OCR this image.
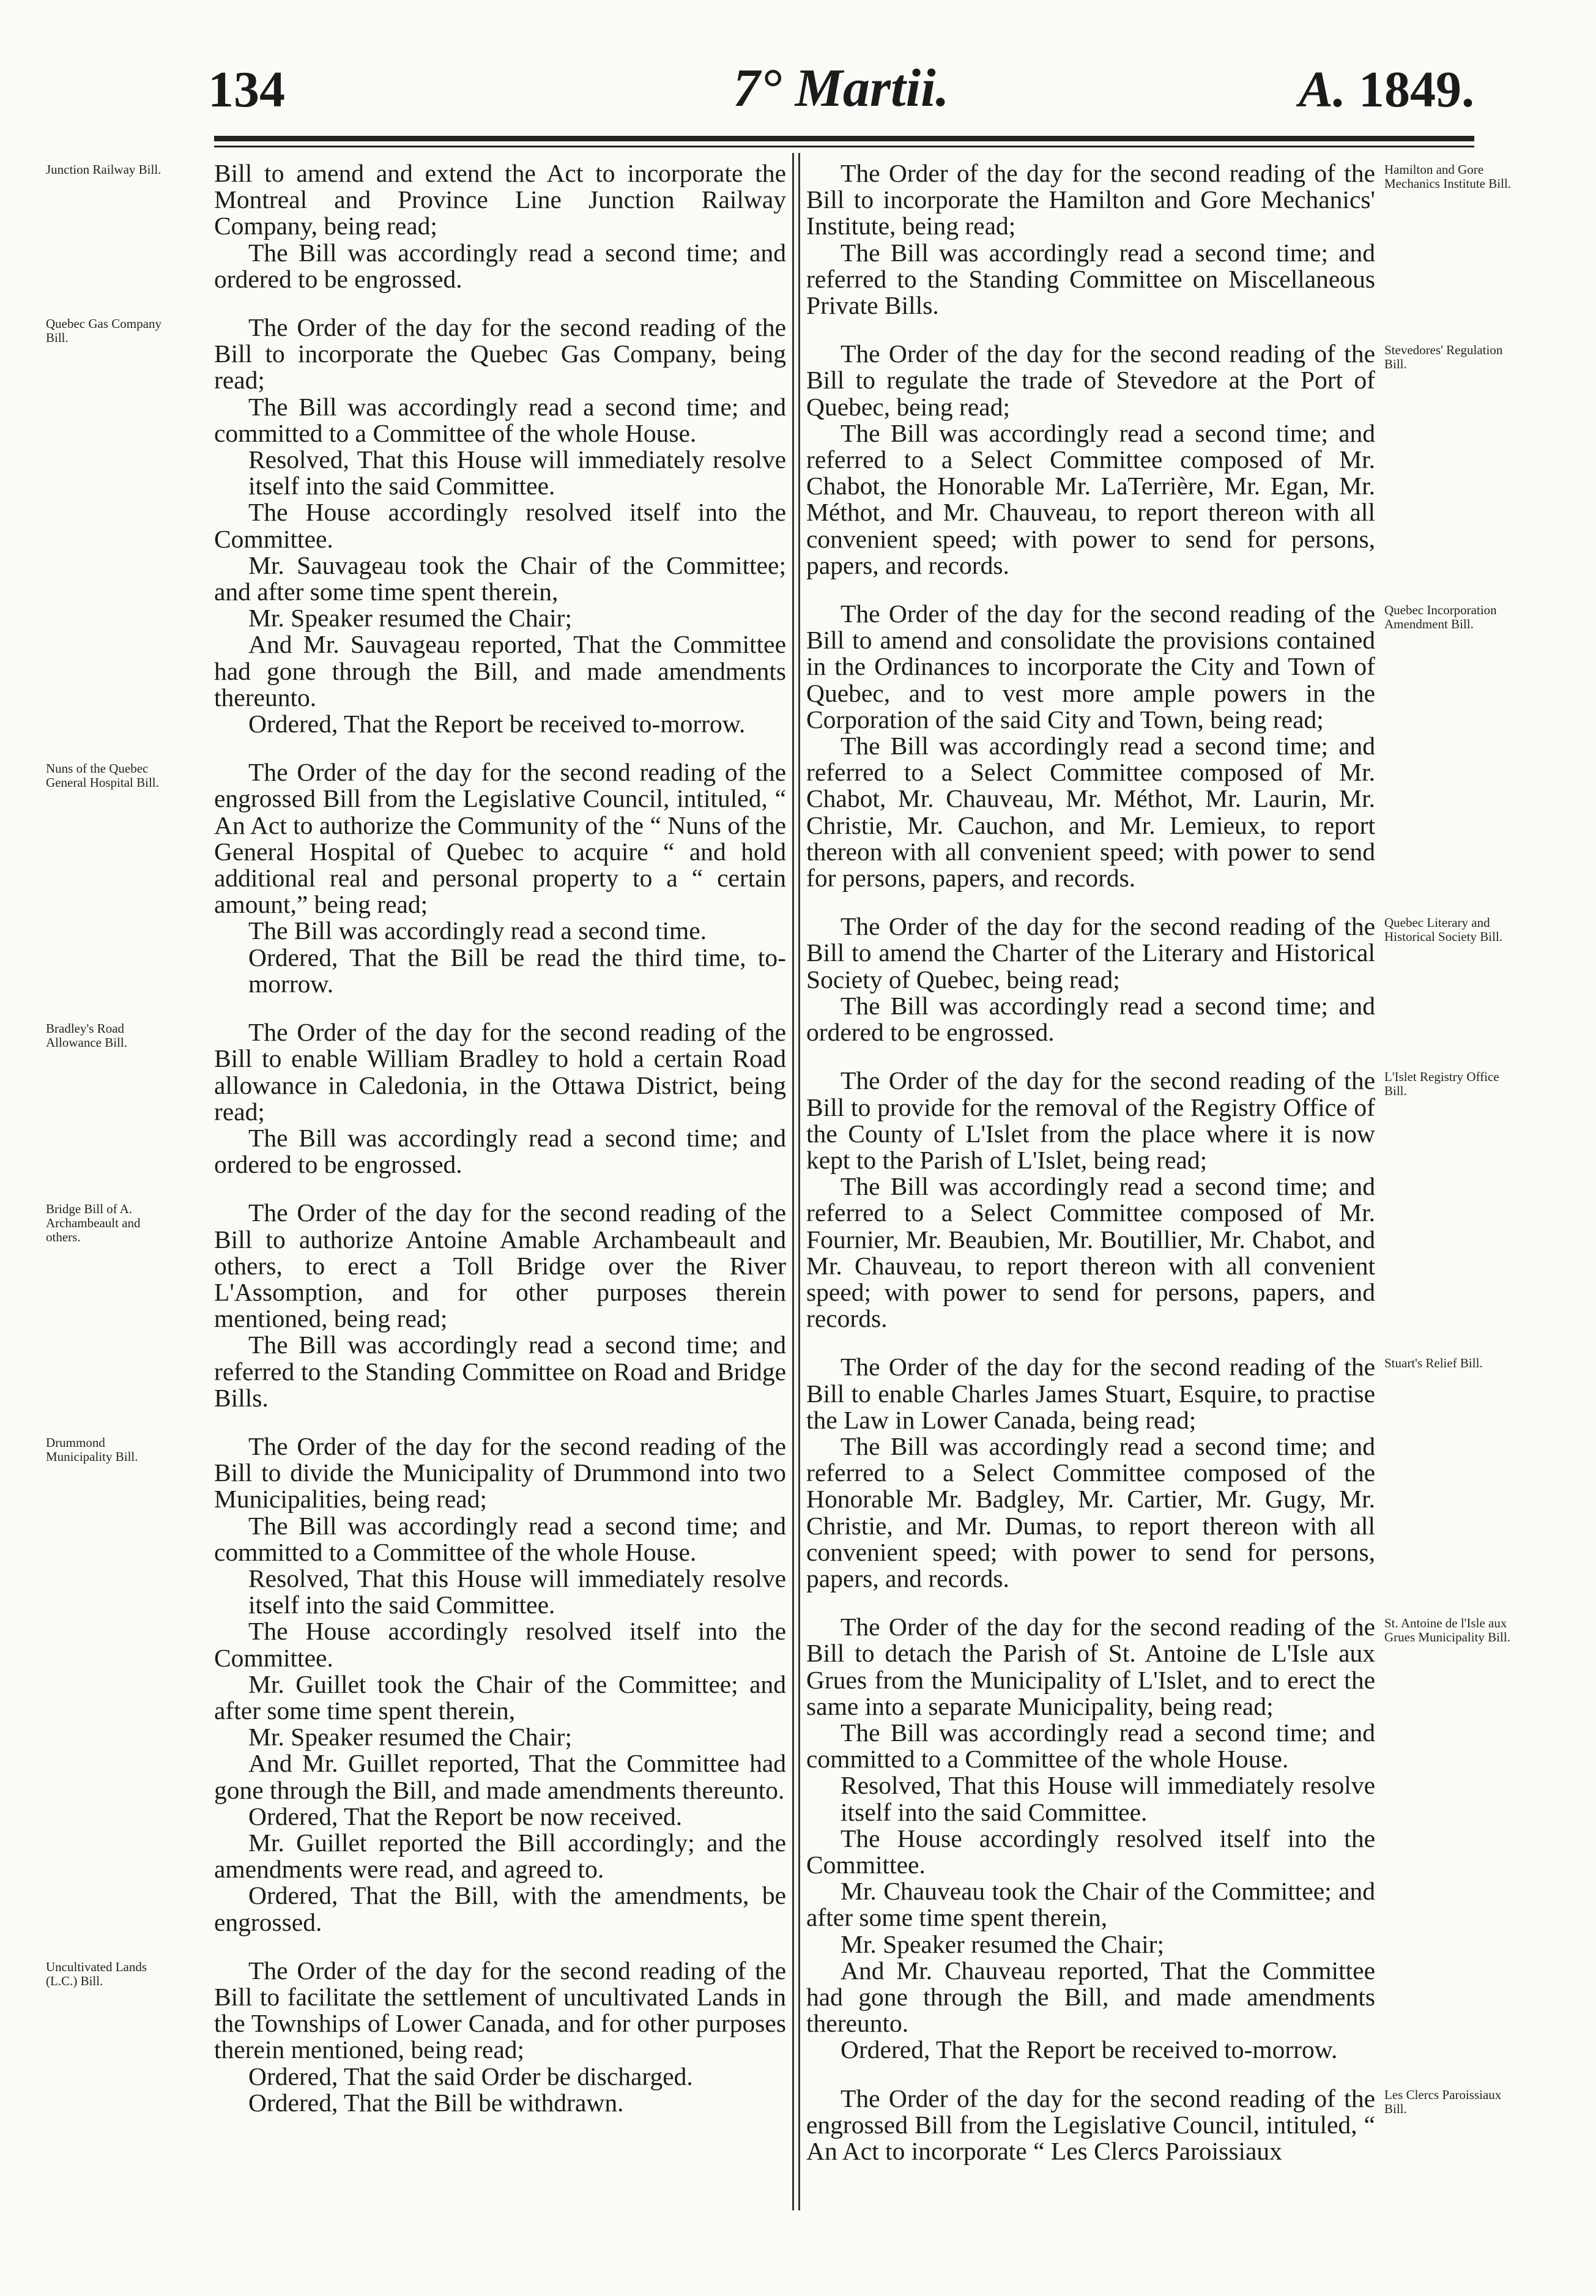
134	7° Martii.	A. 1849.
Junction Railway Bill.	Bill to amend and extend the Act to incorporate the Montreal and Province Line Junction Railway Company, being read;

The Bill was accordingly read a second time; and ordered to be engrossed.

Quebec Gas Company Bill.	The Order of the day for the second reading of the Bill to incorporate the Quebec Gas Company, being read;

The Bill was accordingly read a second time; and committed to a Committee of the whole House.

Resolved, That this House will immediately resolve itself into the said Committee.

The House accordingly resolved itself into the Committee.

Mr. Sauvageau took the Chair of the Committee; and after some time spent therein,

Mr. Speaker resumed the Chair;

And Mr. Sauvageau reported, That the Committee had gone through the Bill, and made amendments thereunto.

Ordered, That the Report be received to-morrow.

Nuns of the Quebec General Hospital Bill.	The Order of the day for the second reading of the engrossed Bill from the Legislative Council, intituled, “ An Act to authorize the Community of the “ Nuns of the General Hospital of Quebec to acquire “ and hold additional real and personal property to a “ certain amount,” being read;

The Bill was accordingly read a second time.

Ordered, That the Bill be read the third time, to-morrow.

Bradley's Road Allowance Bill.	The Order of the day for the second reading of the Bill to enable William Bradley to hold a certain Road allowance in Caledonia, in the Ottawa District, being read;

The Bill was accordingly read a second time; and ordered to be engrossed.

Bridge Bill of A. Archambeault and others.

The Order of the day for the second reading of the Bill to authorize Antoine Amable Archambeault and others, to erect a Toll Bridge over the River L'Assomption, and for other purposes therein mentioned, being read;

The Bill was accordingly read a second time; and referred to the Standing Committee on Road and Bridge Bills.

Drummond Municipality Bill.	The Order of the day for the second reading of the Bill to divide the Municipality of Drummond into two Municipalities, being read;

The Bill was accordingly read a second time; and committed to a Committee of the whole House.

Resolved, That this House will immediately resolve itself into the said Committee.

The House accordingly resolved itself into the Committee.

Mr. Guillet took the Chair of the Committee; and after some time spent therein,

Mr. Speaker resumed the Chair;

And Mr. Guillet reported, That the Committee had gone through the Bill, and made amendments thereunto.

Ordered, That the Report be now received.

Mr. Guillet reported the Bill accordingly; and the amendments were read, and agreed to.

Ordered, That the Bill, with the amendments, be engrossed.

Uncultivated Lands (L.C.) Bill.	The Order of the day for the second reading of the Bill to facilitate the settlement of uncultivated Lands in the Townships of Lower Canada, and for other purposes therein mentioned, being read;

Ordered, That the said Order be discharged.

Ordered, That the Bill be withdrawn.

Hamilton and Gore Mechanics Institute Bill.

The Order of the day for the second reading of the Bill to incorporate the Hamilton and Gore Mechanics' Institute, being read;

The Bill was accordingly read a second time; and referred to the Standing Committee on Miscellaneous Private Bills.

Stevedores' Regulation Bill.

The Order of the day for the second reading of the Bill to regulate the trade of Stevedore at the Port of Quebec, being read;

The Bill was accordingly read a second time; and referred to a Select Committee composed of Mr. Chabot, the Honorable Mr. LaTerrière, Mr. Egan, Mr. Méthot, and Mr. Chauveau, to report thereon with all convenient speed; with power to send for persons, papers, and records.

Quebec Incorporation Amendment Bill.

The Order of the day for the second reading of the Bill to amend and consolidate the provisions contained in the Ordinances to incorporate the City and Town of Quebec, and to vest more ample powers in the Corporation of the said City and Town, being read;

The Bill was accordingly read a second time; and referred to a Select Committee composed of Mr. Chabot, Mr. Chauveau, Mr. Méthot, Mr. Laurin, Mr. Christie, Mr. Cauchon, and Mr. Lemieux, to report thereon with all convenient speed; with power to send for persons, papers, and records.

Quebec Literary and Historical Society Bill.

The Order of the day for the second reading of the Bill to amend the Charter of the Literary and Historical Society of Quebec, being read;

The Bill was accordingly read a second time; and ordered to be engrossed.

L'Islet Registry Office Bill.

The Order of the day for the second reading of the Bill to provide for the removal of the Registry Office of the County of L'Islet from the place where it is now kept to the Parish of L'Islet, being read;

The Bill was accordingly read a second time; and referred to a Select Committee composed of Mr. Fournier, Mr. Beaubien, Mr. Boutillier, Mr. Chabot, and Mr. Chauveau, to report thereon with all convenient speed; with power to send for persons, papers, and records.

Stuart's Relief Bill.

The Order of the day for the second reading of the Bill to enable Charles James Stuart, Esquire, to practise the Law in Lower Canada, being read;

The Bill was accordingly read a second time; and referred to a Select Committee composed of the Honorable Mr. Badgley, Mr. Cartier, Mr. Gugy, Mr. Christie, and Mr. Dumas, to report thereon with all convenient speed; with power to send for persons, papers, and records.

St. Antoine de l'Isle aux Grues Municipality Bill.

The Order of the day for the second reading of the Bill to detach the Parish of St. Antoine de L'Isle aux Grues from the Municipality of L'Islet, and to erect the same into a separate Municipality, being read;

The Bill was accordingly read a second time; and committed to a Committee of the whole House.

Resolved, That this House will immediately resolve itself into the said Committee.

The House accordingly resolved itself into the Committee.

Mr. Chauveau took the Chair of the Committee; and after some time spent therein,

Mr. Speaker resumed the Chair;

And Mr. Chauveau reported, That the Committee had gone through the Bill, and made amendments thereunto.

Ordered, That the Report be received to-morrow.

Les Clercs Paroissiaux Bill.

The Order of the day for the second reading of the engrossed Bill from the Legislative Council, intituled, “ An Act to incorporate “ Les Clercs Paroissiaux
